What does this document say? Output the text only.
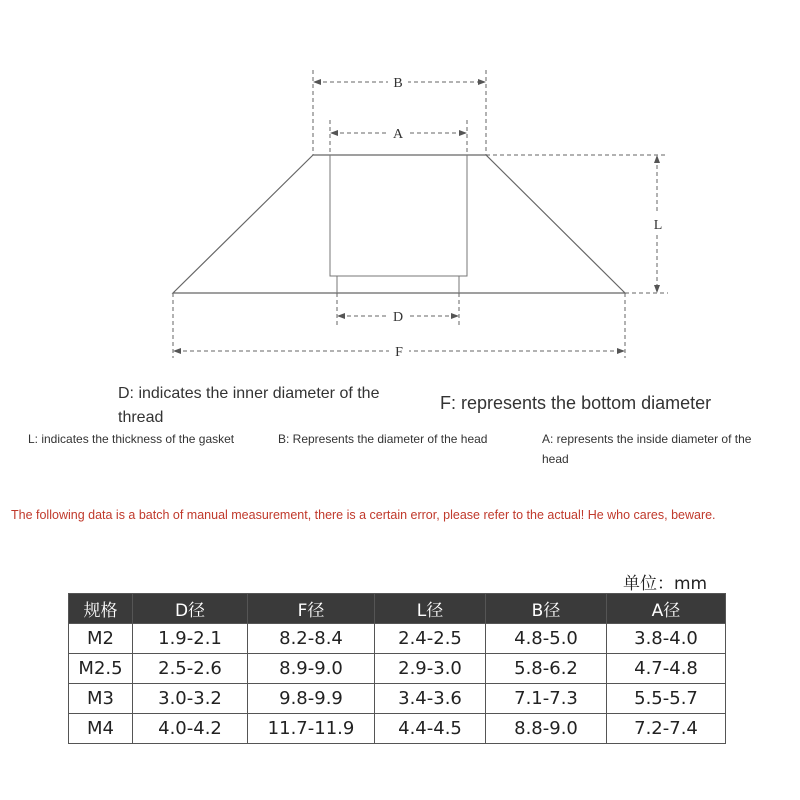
B
A
L
D
F

D: indicates the inner diameter of the thread

F: represents the bottom diameter

L: indicates the thickness of the gasket	B: Represents the diameter of the head	A: represents the inside diameter of the head

The following data is a batch of manual measurement, there is a certain error, please refer to the actual! He who cares, beware.

单位：mm

规格	D径	F径	L径	B径	A径
M2	1.9-2.1	8.2-8.4	2.4-2.5	4.8-5.0	3.8-4.0
M2.5	2.5-2.6	8.9-9.0	2.9-3.0	5.8-6.2	4.7-4.8
M3	3.0-3.2	9.8-9.9	3.4-3.6	7.1-7.3	5.5-5.7
M4	4.0-4.2	11.7-11.9	4.4-4.5	8.8-9.0	7.2-7.4
